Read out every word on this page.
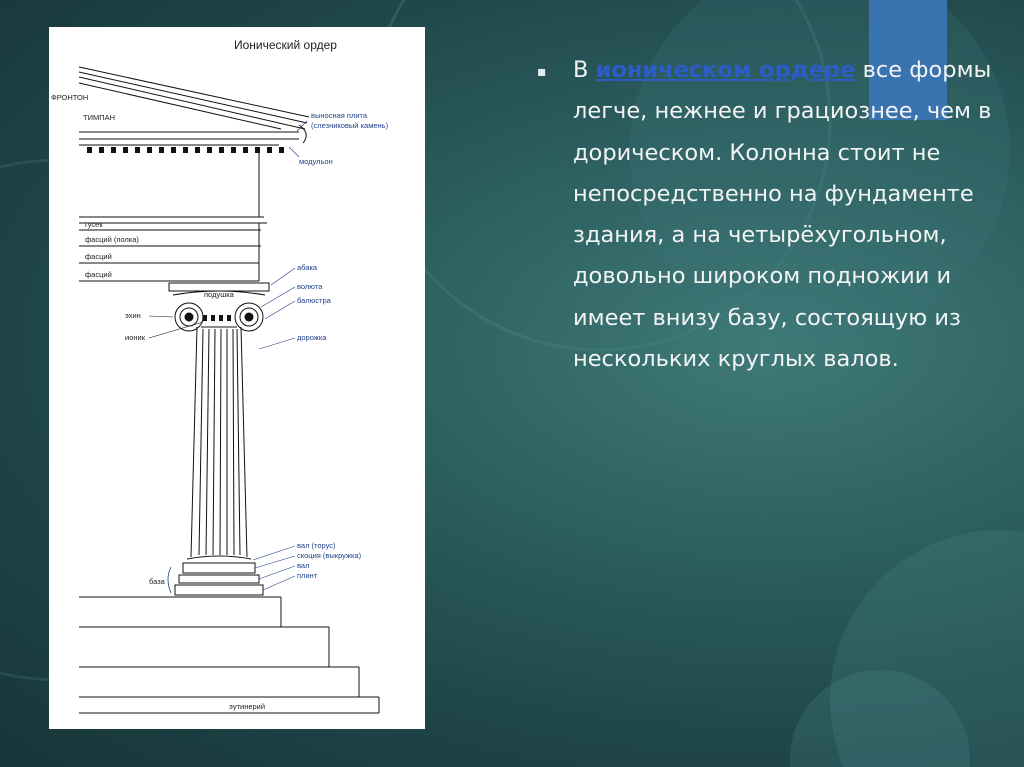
Ионический ордер
ФРОНТОН
ТИМПАН	выносная плита
(слезниковый камень)
модульон
гусек
фасций (полка)
фасций
фасций
подушка
абака
волюта
балюстра
дорожка
эхин
ионик
вал (торус)
скоция (выкружка)
вал
плинт
база
эутинерий
▪	В ионическом ордере все формы легче, нежнее и грациознее, чем в дорическом. Колонна стоит не непосредственно на фундаменте здания, а на четырёхугольном, довольно широком подножии и имеет внизу базу, состоящую из нескольких круглых валов.
